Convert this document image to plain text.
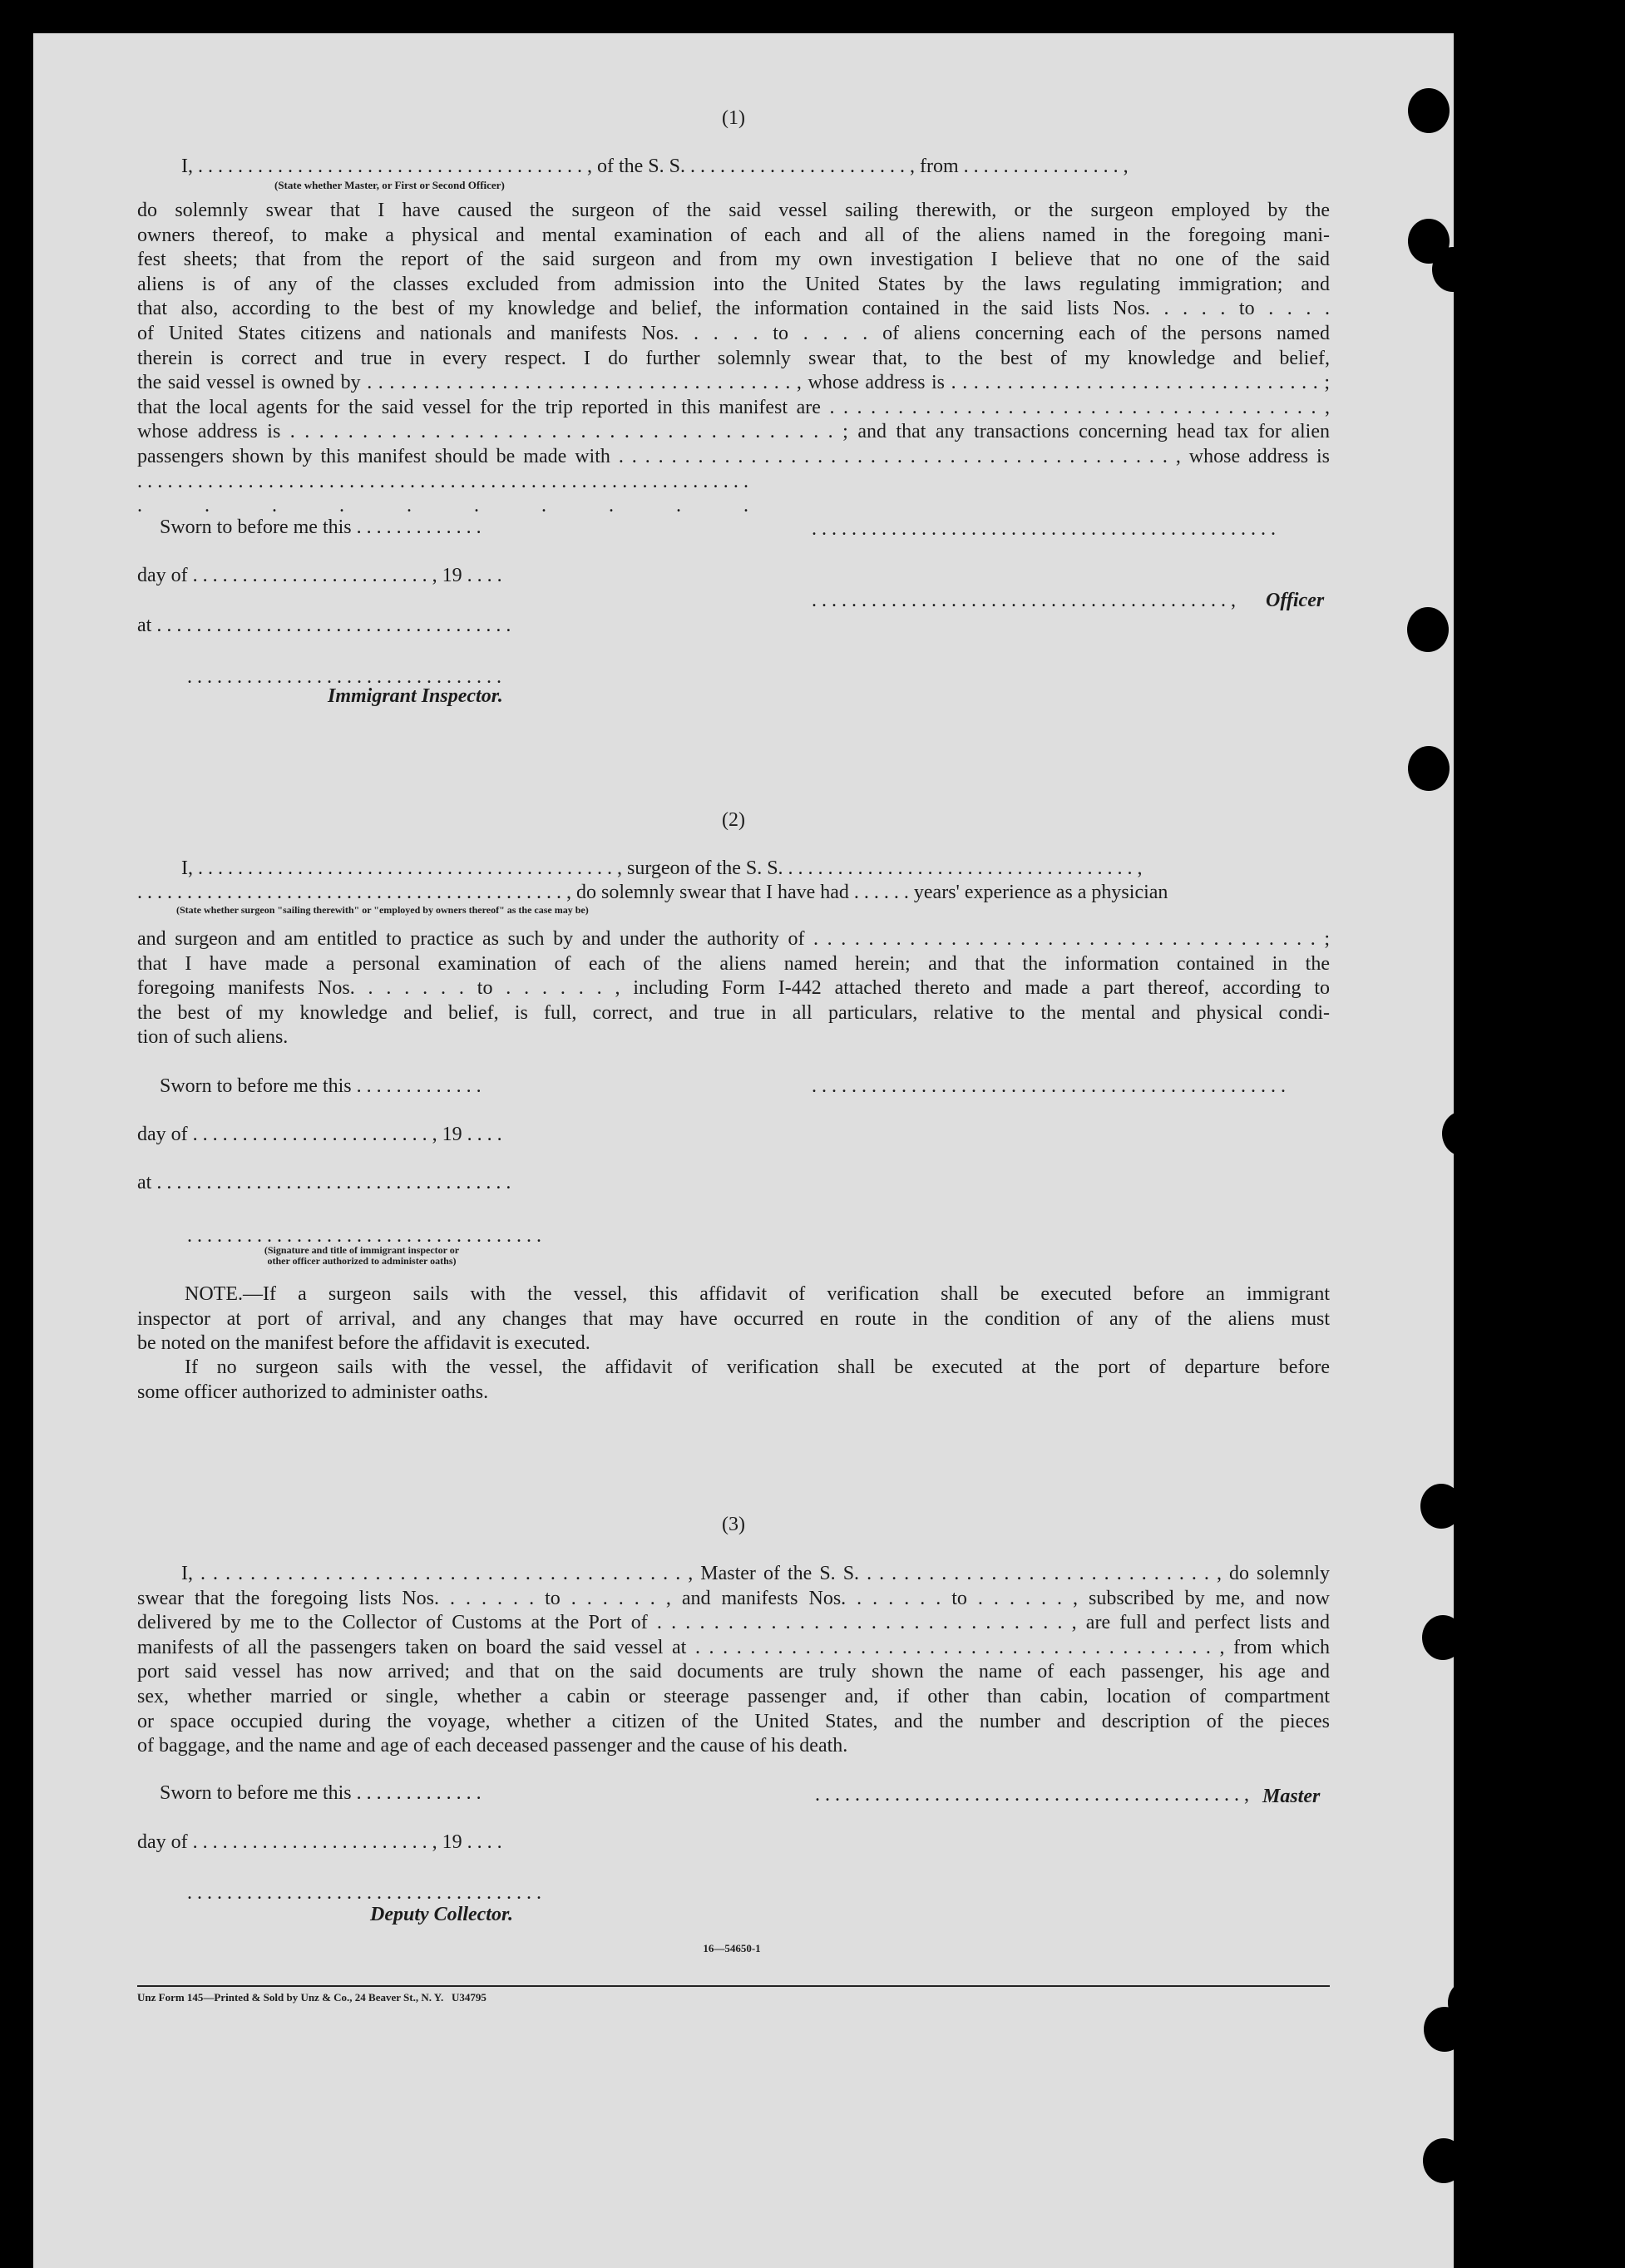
(1)
I, . . . . . . . . . . . . . . . . . . . . . . . . . . . . . . . . . . . . . . . , of the S. S. . . . . . . . . . . . . . . . . . . . . . . , from . . . . . . . . . . . . . . . . ,
(State whether Master, or First or Second Officer)
do solemnly swear that I have caused the surgeon of the said vessel sailing therewith, or the surgeon employed by the
owners thereof, to make a physical and mental examination of each and all of the aliens named in the foregoing mani-
fest sheets; that from the report of the said surgeon and from my own investigation I believe that no one of the said
aliens is of any of the classes excluded from admission into the United States by the laws regulating immigration; and
that also, according to the best of my knowledge and belief, the information contained in the said lists Nos. . . . . to . . . .
of United States citizens and nationals and manifests Nos. . . . . to . . . . of aliens concerning each of the persons named
therein is correct and true in every respect. I do further solemnly swear that, to the best of my knowledge and belief,
the said vessel is owned by . . . . . . . . . . . . . . . . . . . . . . . . . . . . . . . . . . . . . . , whose address is . . . . . . . . . . . . . . . . . . . . . . . . . . . . . . . . . ;
that the local agents for the said vessel for the trip reported in this manifest are . . . . . . . . . . . . . . . . . . . . . . . . . . . . . . . . . . . . ,
whose address is . . . . . . . . . . . . . . . . . . . . . . . . . . . . . . . . . . . . . . ; and that any transactions concerning head tax for alien
passengers shown by this manifest should be made with . . . . . . . . . . . . . . . . . . . . . . . . . . . . . . . . . . . . . . . . . . , whose address is
. . . . . . . . . . . . . . . . . . . . . . . . . . . . . . . . . . . . . . . . . . . . . . . . . . . . . . . . . . . . . . . . . . . . . . .
Sworn to before me this . . . . . . . . . . . . .
day of . . . . . . . . . . . . . . . . . . . . . . . . , 19 . . . .
at . . . . . . . . . . . . . . . . . . . . . . . . . . . . . . . . . . . .
. . . . . . . . . . . . . . . . . . . . . . . . . . . . . . . .
Immigrant Inspector.
. . . . . . . . . . . . . . . . . . . . . . . . . . . . . . . . . . . . . . . . . . . . . . .
. . . . . . . . . . . . . . . . . . . . . . . . . . . . . . . . . . . . . . . . . . , Officer
(2)
I, . . . . . . . . . . . . . . . . . . . . . . . . . . . . . . . . . . . . . . . . . . , surgeon of the S. S. . . . . . . . . . . . . . . . . . . . . . . . . . . . . . . . . . . . ,
. . . . . . . . . . . . . . . . . . . . . . . . . . . . . . . . . . . . . . . . . . . , do solemnly swear that I have had . . . . . . years' experience as a physician
(State whether surgeon "sailing therewith" or "employed by owners thereof" as the case may be)
and surgeon and am entitled to practice as such by and under the authority of . . . . . . . . . . . . . . . . . . . . . . . . . . . . . . . . . . . . . ;
that I have made a personal examination of each of the aliens named herein; and that the information contained in the
foregoing manifests Nos. . . . . . . to . . . . . . , including Form I-442 attached thereto and made a part thereof, according to
the best of my knowledge and belief, is full, correct, and true in all particulars, relative to the mental and physical condi-
tion of such aliens.
Sworn to before me this . . . . . . . . . . . . .
day of . . . . . . . . . . . . . . . . . . . . . . . . , 19 . . . .
at . . . . . . . . . . . . . . . . . . . . . . . . . . . . . . . . . . . .
. . . . . . . . . . . . . . . . . . . . . . . . . . . . . . . . . . . .
(Signature and title of immigrant inspector or
other officer authorized to administer oaths)
. . . . . . . . . . . . . . . . . . . . . . . . . . . . . . . . . . . . . . . . . . . . . . . .
NOTE.—If a surgeon sails with the vessel, this affidavit of verification shall be executed before an immigrant
inspector at port of arrival, and any changes that may have occurred en route in the condition of any of the aliens must
be noted on the manifest before the affidavit is executed.
If no surgeon sails with the vessel, the affidavit of verification shall be executed at the port of departure before
some officer authorized to administer oaths.
(3)
I, . . . . . . . . . . . . . . . . . . . . . . . . . . . . . . . . . . . . . . . , Master of the S. S. . . . . . . . . . . . . . . . . . . . . . . . . . . . . , do solemnly
swear that the foregoing lists Nos. . . . . . . to . . . . . . , and manifests Nos. . . . . . . to . . . . . . , subscribed by me, and now
delivered by me to the Collector of Customs at the Port of . . . . . . . . . . . . . . . . . . . . . . . . . . . . . , are full and perfect lists and
manifests of all the passengers taken on board the said vessel at . . . . . . . . . . . . . . . . . . . . . . . . . . . . . . . . . . . . . . , from which
port said vessel has now arrived; and that on the said documents are truly shown the name of each passenger, his age and
sex, whether married or single, whether a cabin or steerage passenger and, if other than cabin, location of compartment
or space occupied during the voyage, whether a citizen of the United States, and the number and description of the pieces
of baggage, and the name and age of each deceased passenger and the cause of his death.
Sworn to before me this . . . . . . . . . . . . .
day of . . . . . . . . . . . . . . . . . . . . . . . . , 19 . . . .
. . . . . . . . . . . . . . . . . . . . . . . . . . . . . . . . . . . .
Deputy Collector.
. . . . . . . . . . . . . . . . . . . . . . . . . . . . . . . . . . . . . . . . . . . , Master
16—54650-1
Unz Form 145—Printed & Sold by Unz & Co., 24 Beaver St., N. Y.   U34795
